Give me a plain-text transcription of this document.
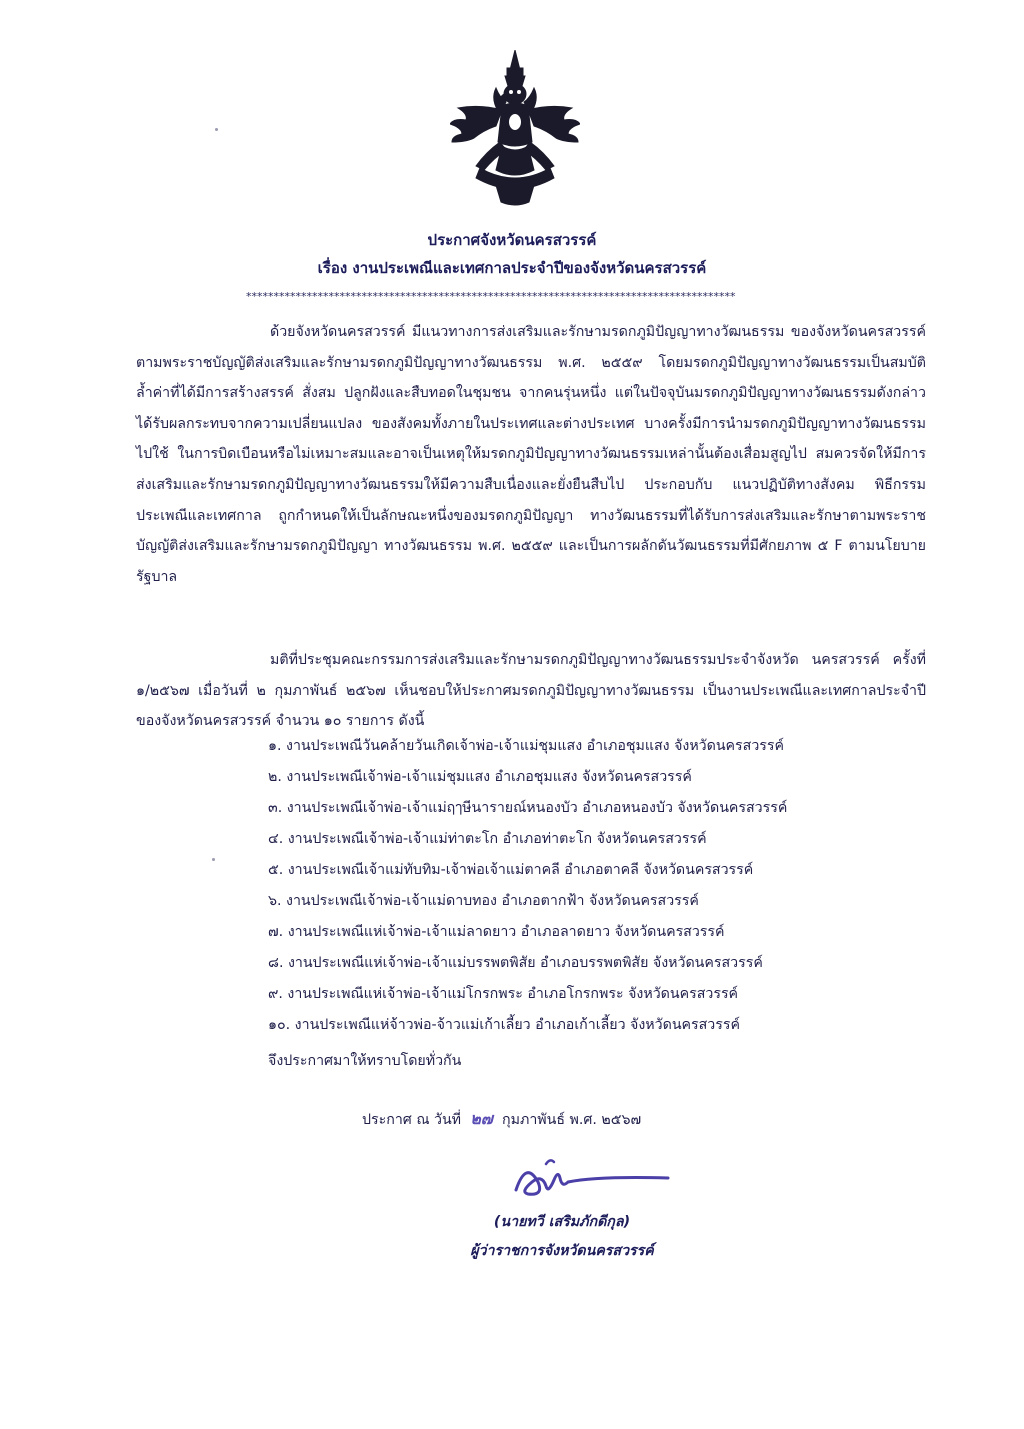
ประกาศจังหวัดนครสวรรค์
เรื่อง งานประเพณีและเทศกาลประจำปีของจังหวัดนครสวรรค์
*****************************************************************************************
ด้วยจังหวัดนครสวรรค์ มีแนวทางการส่งเสริมและรักษามรดกภูมิปัญญาทางวัฒนธรรม ของจังหวัดนครสวรรค์ ตามพระราชบัญญัติส่งเสริมและรักษามรดกภูมิปัญญาทางวัฒนธรรม พ.ศ. ๒๕๕๙ โดยมรดกภูมิปัญญาทางวัฒนธรรมเป็นสมบัติล้ำค่าที่ได้มีการสร้างสรรค์ สั่งสม ปลูกฝังและสืบทอดในชุมชน จากคนรุ่นหนึ่ง แต่ในปัจจุบันมรดกภูมิปัญญาทางวัฒนธรรมดังกล่าวได้รับผลกระทบจากความเปลี่ยนแปลง ของสังคมทั้งภายในประเทศและต่างประเทศ บางครั้งมีการนำมรดกภูมิปัญญาทางวัฒนธรรมไปใช้ ในการบิดเบือนหรือไม่เหมาะสมและอาจเป็นเหตุให้มรดกภูมิปัญญาทางวัฒนธรรมเหล่านั้นต้องเสื่อมสูญไป สมควรจัดให้มีการส่งเสริมและรักษามรดกภูมิปัญญาทางวัฒนธรรมให้มีความสืบเนื่องและยั่งยืนสืบไป ประกอบกับ แนวปฏิบัติทางสังคม พิธีกรรม ประเพณีและเทศกาล ถูกกำหนดให้เป็นลักษณะหนึ่งของมรดกภูมิปัญญา ทางวัฒนธรรมที่ได้รับการส่งเสริมและรักษาตามพระราชบัญญัติส่งเสริมและรักษามรดกภูมิปัญญา ทางวัฒนธรรม พ.ศ. ๒๕๕๙ และเป็นการผลักดันวัฒนธรรมที่มีศักยภาพ ๕ F ตามนโยบายรัฐบาล
มติที่ประชุมคณะกรรมการส่งเสริมและรักษามรดกภูมิปัญญาทางวัฒนธรรมประจำจังหวัด นครสวรรค์ ครั้งที่ ๑/๒๕๖๗ เมื่อวันที่ ๒ กุมภาพันธ์ ๒๕๖๗ เห็นชอบให้ประกาศมรดกภูมิปัญญาทางวัฒนธรรม เป็นงานประเพณีและเทศกาลประจำปีของจังหวัดนครสวรรค์ จำนวน ๑๐ รายการ ดังนี้
๑. งานประเพณีวันคล้ายวันเกิดเจ้าพ่อ-เจ้าแม่ชุมแสง อำเภอชุมแสง จังหวัดนครสวรรค์
๒. งานประเพณีเจ้าพ่อ-เจ้าแม่ชุมแสง อำเภอชุมแสง จังหวัดนครสวรรค์
๓. งานประเพณีเจ้าพ่อ-เจ้าแม่ฤๅษีนารายณ์หนองบัว อำเภอหนองบัว จังหวัดนครสวรรค์
๔. งานประเพณีเจ้าพ่อ-เจ้าแม่ท่าตะโก อำเภอท่าตะโก จังหวัดนครสวรรค์
๕. งานประเพณีเจ้าแม่ทับทิม-เจ้าพ่อเจ้าแม่ตาคลี อำเภอตาคลี จังหวัดนครสวรรค์
๖. งานประเพณีเจ้าพ่อ-เจ้าแม่ดาบทอง อำเภอตากฟ้า จังหวัดนครสวรรค์
๗. งานประเพณีแห่เจ้าพ่อ-เจ้าแม่ลาดยาว อำเภอลาดยาว จังหวัดนครสวรรค์
๘. งานประเพณีแห่เจ้าพ่อ-เจ้าแม่บรรพตพิสัย อำเภอบรรพตพิสัย จังหวัดนครสวรรค์
๙. งานประเพณีแห่เจ้าพ่อ-เจ้าแม่โกรกพระ อำเภอโกรกพระ จังหวัดนครสวรรค์
๑๐. งานประเพณีแห่จ้าวพ่อ-จ้าวแม่เก้าเลี้ยว อำเภอเก้าเลี้ยว จังหวัดนครสวรรค์
จึงประกาศมาให้ทราบโดยทั่วกัน
ประกาศ ณ วันที่ ๒๗ กุมภาพันธ์ พ.ศ. ๒๕๖๗
(นายทวี เสริมภักดีกุล)
ผู้ว่าราชการจังหวัดนครสวรรค์
